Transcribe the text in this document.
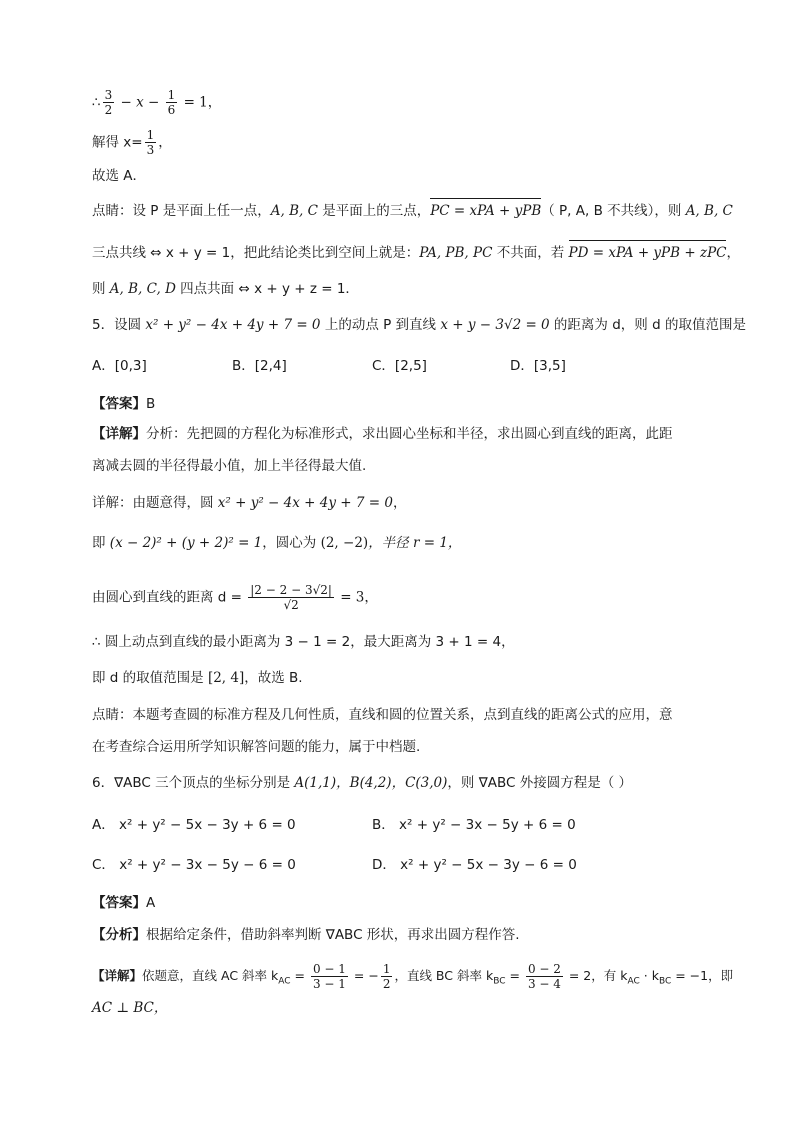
∴ $\frac{3}{2} - x - \frac{1}{6} = 1$，
解得 $x= \frac{1}{3}$ ，
故选 A．
点睛：设 P 是平面上任一点，A, B, C 是平面上的三点，PC = xPA + yPB（ P, A, B 不共线），则 A, B, C
三点共线 ⇔ x + y = 1，把此结论类比到空间上就是：PA, PB, PC 不共面，若 PD = xPA + yPB + zPC，
则 A, B, C, D 四点共面 ⇔ x + y + z = 1．
5．设圆 x² + y² − 4x + 4y + 7 = 0 上的动点 P 到直线 x + y − 3√2 = 0 的距离为 d，则 d 的取值范围是
A．[0,3]	B．[2,4]	C．[2,5]	D．[3,5]
【答案】B
【详解】分析：先把圆的方程化为标准形式，求出圆心坐标和半径，求出圆心到直线的距离，此距
离减去圆的半径得最小值，加上半径得最大值.
详解：由题意得，圆 x² + y² − 4x + 4y + 7 = 0，
即 (x − 2)² + (y + 2)² = 1，圆心为 (2, −2)，半径 r = 1，
由圆心到直线的距离 $d = \frac{|2 - 2 - 3√2|}{√2} = 3$，
∴ 圆上动点到直线的最小距离为 3 − 1 = 2，最大距离为 3 + 1 = 4，
即 d 的取值范围是 [2, 4]，故选 B.
点睛：本题考查圆的标准方程及几何性质，直线和圆的位置关系，点到直线的距离公式的应用，意
在考查综合运用所学知识解答问题的能力，属于中档题.
6．∇ABC 三个顶点的坐标分别是 A(1,1)，B(4,2)，C(3,0)，则 ∇ABC 外接圆方程是（ ）
A． x² + y² − 5x − 3y + 6 = 0	B． x² + y² − 3x − 5y + 6 = 0
C． x² + y² − 3x − 5y − 6 = 0	D． x² + y² − 5x − 3y − 6 = 0
【答案】A
【分析】根据给定条件，借助斜率判断 ∇ABC 形状，再求出圆方程作答.
【详解】依题意，直线 AC 斜率 $k_{AC} = \frac{0 - 1}{3 - 1}$ = − $\frac{1}{2}$ ，直线 BC 斜率 $k_{BC} = \frac{0 - 2}{3 - 4} = 2$，有 $k_{AC} \cdot k_{BC} = -1$，即
AC ⊥ BC，
